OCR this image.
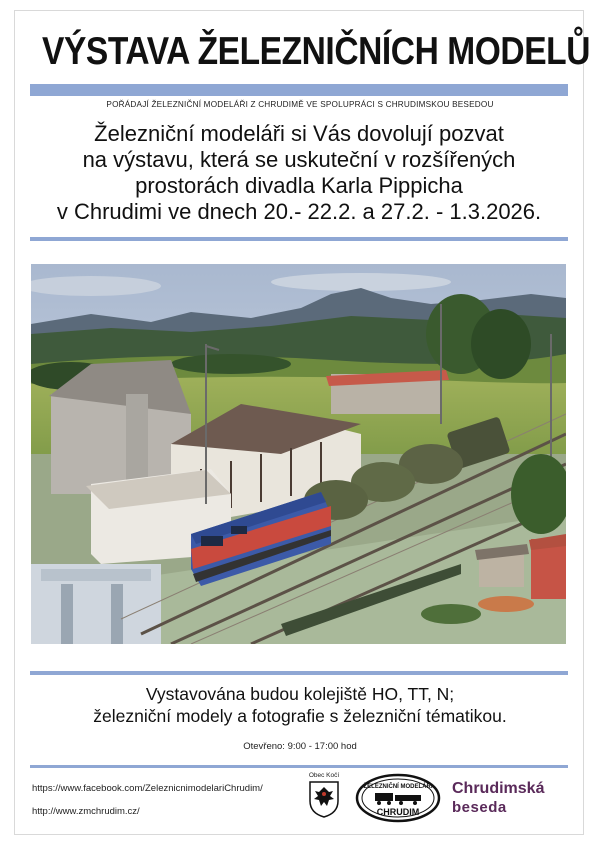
VÝSTAVA ŽELEZNIČNÍCH MODELŮ
POŘÁDAJÍ ŽELEZNIČNÍ MODELÁŘI Z CHRUDIMĚ VE SPOLUPRÁCI S CHRUDIMSKOU BESEDOU
Železniční modeláři si Vás dovolují pozvat
na výstavu, která se uskuteční v rozšířených
prostorách divadla Karla Pippicha
v Chrudimi ve dnech 20.- 22.2. a 27.2. - 1.3.2026.
Vystavována budou kolejiště HO, TT, N;
železniční modely a fotografie s železniční tématikou.
Otevřeno: 9:00 - 17:00 hod
https://www.facebook.com/ZeleznicnimodelariChrudim/
http://www.zmchrudim.cz/
Obec Kočí
ŽELEZNIČNÍ MODELÁŘI
CHRUDIM
Chrudimská
beseda
